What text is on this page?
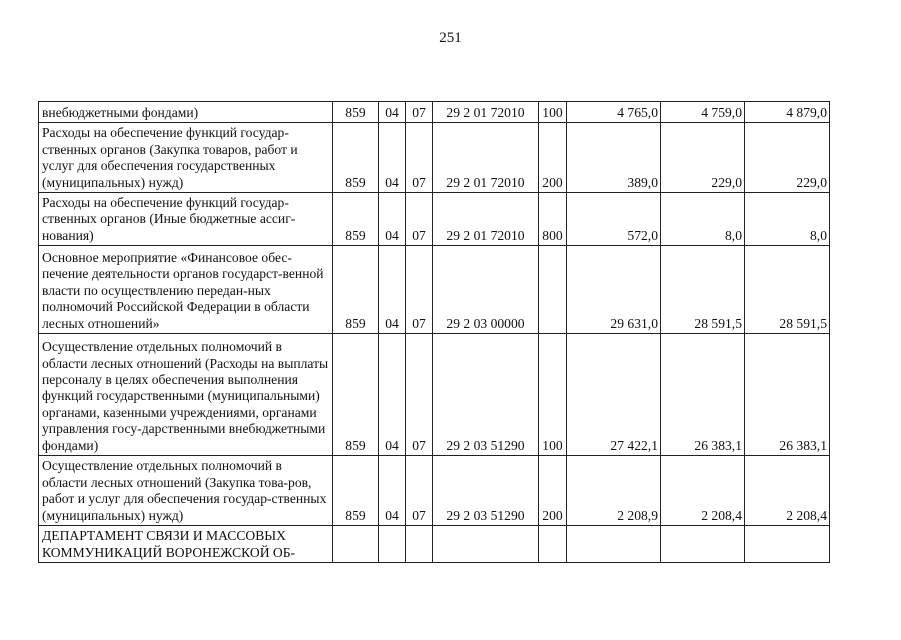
251
внебюджетными фондами)	859	04	07	29 2 01 72010	100	4 765,0	4 759,0	4 879,0
Расходы на обеспечение функций государ-ственных органов (Закупка товаров, работ и услуг для обеспечения государственных (муниципальных) нужд)	859	04	07	29 2 01 72010	200	389,0	229,0	229,0
Расходы на обеспечение функций государ-ственных органов (Иные бюджетные ассиг-нования)	859	04	07	29 2 01 72010	800	572,0	8,0	8,0
Основное мероприятие «Финансовое обес-печение деятельности органов государст-венной власти по осуществлению передан-ных полномочий Российской Федерации в области лесных отношений»	859	04	07	29 2 03 00000		29 631,0	28 591,5	28 591,5
Осуществление отдельных полномочий в области лесных отношений (Расходы на выплаты персоналу в целях обеспечения выполнения функций государственными (муниципальными) органами, казенными учреждениями, органами управления госу-дарственными внебюджетными фондами)	859	04	07	29 2 03 51290	100	27 422,1	26 383,1	26 383,1
Осуществление отдельных полномочий в области лесных отношений (Закупка това-ров, работ и услуг для обеспечения государ-ственных (муниципальных) нужд)	859	04	07	29 2 03 51290	200	2 208,9	2 208,4	2 208,4
ДЕПАРТАМЕНТ СВЯЗИ И МАССОВЫХ КОММУНИКАЦИЙ ВОРОНЕЖСКОЙ ОБ-								
